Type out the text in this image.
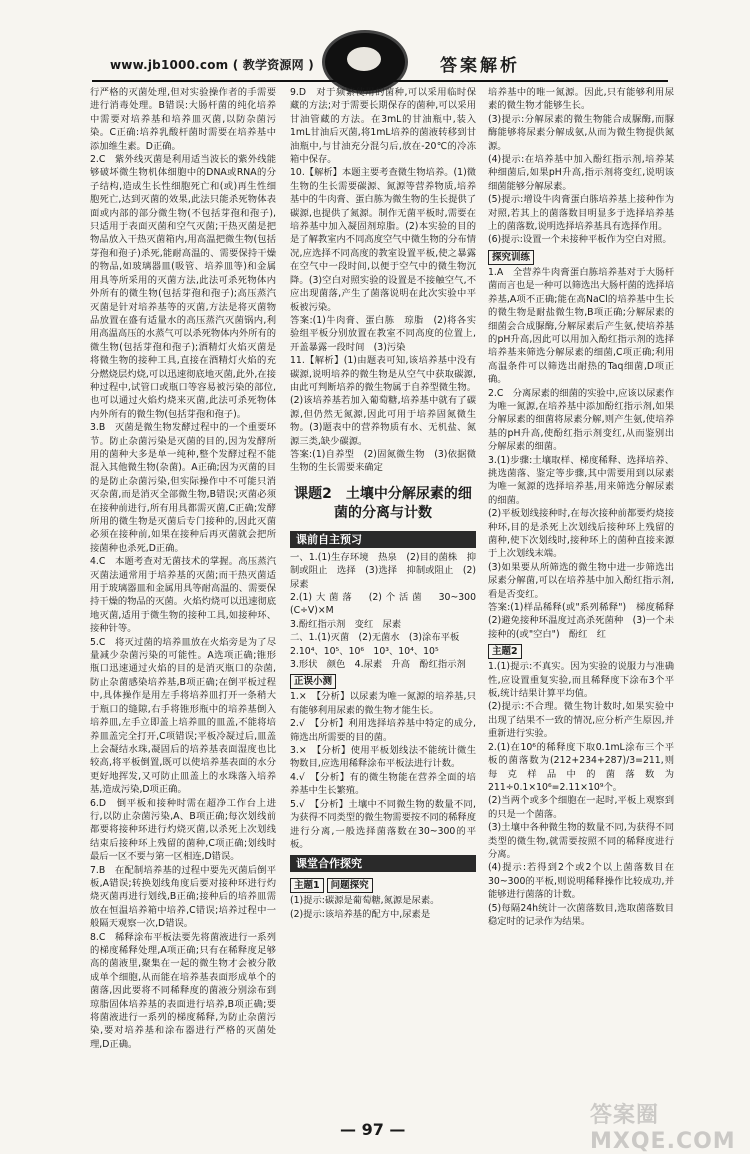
www.jb1000.com ( 教学资源网 )	答案解析

行严格的灭菌处理,但对实验操作者的手需要进行消毒处理。B错误:大肠杆菌的纯化培养中需要对培养基和培养皿灭菌,以防杂菌污染。C正确:培养乳酸杆菌时需要在培养基中添加维生素。D正确。

2.C　紫外线灭菌是利用适当波长的紫外线能够破坏微生物机体细胞中的DNA或RNA的分子结构,造成生长性细胞死亡和(或)再生性细胞死亡,达到灭菌的效果,此法只能杀死物体表面或内部的部分微生物(不包括芽孢和孢子),只适用于表面灭菌和空气灭菌;干热灭菌是把物品放入干热灭菌箱内,用高温把微生物(包括芽孢和孢子)杀死,能耐高温的、需要保持干燥的物品,如玻璃器皿(吸管、培养皿等)和金属用具等所采用的灭菌方法,此法可杀死物体内外所有的微生物(包括芽孢和孢子);高压蒸汽灭菌是针对培养基等的灭菌,方法是将灭菌物品放置在盛有适量水的高压蒸汽灭菌锅内,利用高温高压的水蒸气可以杀死物体内外所有的微生物(包括芽孢和孢子);酒精灯火焰灭菌是将微生物的接种工具,直接在酒精灯火焰的充分燃烧层灼烧,可以迅速彻底地灭菌,此外,在接种过程中,试管口或瓶口等容易被污染的部位,也可以通过火焰灼烧来灭菌,此法可杀死物体内外所有的微生物(包括芽孢和孢子)。

3.B　灭菌是微生物发酵过程中的一个重要环节。防止杂菌污染是灭菌的目的,因为发酵所用的菌种大多是单一纯种,整个发酵过程不能混入其他微生物(杂菌)。A正确;因为灭菌的目的是防止杂菌污染,但实际操作中不可能只消灭杂菌,而是消灭全部微生物,B错误;灭菌必须在接种前进行,所有用具都需灭菌,C正确;发酵所用的微生物是灭菌后专门接种的,因此灭菌必须在接种前,如果在接种后再灭菌就会把所接菌种也杀死,D正确。

4.C　本题考查对无菌技术的掌握。高压蒸汽灭菌法通常用于培养基的灭菌;而干热灭菌适用于玻璃器皿和金属用具等耐高温的、需要保持干燥的物品的灭菌。火焰灼烧可以迅速彻底地灭菌,适用于微生物的接种工具,如接种环、接种针等。

5.C　将灭过菌的培养皿放在火焰旁是为了尽量减少杂菌污染的可能性。A选项正确;锥形瓶口迅速通过火焰的目的是消灭瓶口的杂菌,防止杂菌感染培养基,B项正确;在倒平板过程中,具体操作是用左手将培养皿打开一条稍大于瓶口的缝隙,右手将锥形瓶中的培养基倒入培养皿,左手立即盖上培养皿的皿盖,不能将培养皿盖完全打开,C项错误;平板冷凝过后,皿盖上会凝结水珠,凝固后的培养基表面湿度也比较高,将平板倒置,既可以使培养基表面的水分更好地挥发,又可防止皿盖上的水珠落入培养基,造成污染,D项正确。

6.D　倒平板和接种时需在超净工作台上进行,以防止杂菌污染,A、B项正确;每次划线前都要将接种环进行灼烧灭菌,以杀死上次划线结束后接种环上残留的菌种,C项正确;划线时最后一区不要与第一区相连,D错误。

7.B　在配制培养基的过程中要先灭菌后倒平板,A错误;转换划线角度后要对接种环进行灼烧灭菌再进行划线,B正确;接种后的培养皿需放在恒温培养箱中培养,C错误;培养过程中一般隔天观察一次,D错误。

8.C　稀释涂布平板法要先将菌液进行一系列的梯度稀释处理,A项正确;只有在稀释度足够高的菌液里,聚集在一起的微生物才会被分散成单个细胞,从而能在培养基表面形成单个的菌落,因此要将不同稀释度的菌液分别涂布到琼脂固体培养基的表面进行培养,B项正确;要将菌液进行一系列的梯度稀释,为防止杂菌污染,要对培养基和涂布器进行严格的灭菌处理,D正确。

9.D　对于频繁使用的菌种,可以采用临时保藏的方法;对于需要长期保存的菌种,可以采用甘油管藏的方法。在3mL的甘油瓶中,装入1mL甘油后灭菌,将1mL培养的菌液转移到甘油瓶中,与甘油充分混匀后,放在-20℃的冷冻箱中保存。

10.【解析】本题主要考查微生物培养。(1)微生物的生长需要碳源、氮源等营养物质,培养基中的牛肉膏、蛋白胨为微生物的生长提供了碳源,也提供了氮源。制作无菌平板时,需要在培养基中加入凝固剂琼脂。(2)本实验的目的是了解教室内不同高度空气中微生物的分布情况,应选择不同高度的教室设置平板,使之暴露在空气中一段时间,以便于空气中的微生物沉降。(3)空白对照实验的设置是不接触空气,不应出现菌落,产生了菌落说明在此次实验中平板被污染。

答案:(1)牛肉膏、蛋白胨　琼脂　(2)将各实验组平板分别放置在教室不同高度的位置上,开盖暴露一段时间　(3)污染

11.【解析】(1)由题表可知,该培养基中没有碳源,说明培养的微生物是从空气中获取碳源,由此可判断培养的微生物属于自养型微生物。(2)该培养基若加入葡萄糖,培养基中就有了碳源,但仍然无氮源,因此可用于培养固氮微生物。(3)题表中的营养物质有水、无机盐、氮源三类,缺少碳源。

答案:(1)自养型　(2)固氮微生物　(3)依据微生物的生长需要来确定

课题2　土壤中分解尿素的细菌的分离与计数
课前自主预习

一、1.(1)生存环境　热泉　(2)目的菌株　抑制或阻止　选择　(3)选择　抑制或阻止　(2)尿素

2.(1)大菌落　(2)个活菌　30~300　(C÷V)×M

3.酚红指示剂　变红　尿素

二、1.(1)灭菌　(2)无菌水　(3)涂布平板

2.10⁴、10⁵、10⁶　10³、10⁴、10⁵

3.形状　颜色　4.尿素　升高　酚红指示剂

正误小测

1.×　【分析】以尿素为唯一氮源的培养基,只有能够利用尿素的微生物才能生长。

2.√　【分析】利用选择培养基中特定的成分,筛选出所需要的目的菌。

3.×　【分析】使用平板划线法不能统计微生物数目,应选用稀释涂布平板法进行计数。

4.√　【分析】有的微生物能在营养全面的培养基中生长繁殖。

5.√　【分析】土壤中不同微生物的数量不同,为获得不同类型的微生物需要按不同的稀释度进行分离,一般选择菌落数在30~300的平板。

课堂合作探究
主题1 问题探究

(1)提示:碳源是葡萄糖,氮源是尿素。

(2)提示:该培养基的配方中,尿素是

培养基中的唯一氮源。因此,只有能够利用尿素的微生物才能够生长。

(3)提示:分解尿素的微生物能合成脲酶,而脲酶能够将尿素分解成氨,从而为微生物提供氮源。

(4)提示:在培养基中加入酚红指示剂,培养某种细菌后,如果pH升高,指示剂将变红,说明该细菌能够分解尿素。

(5)提示:增设牛肉膏蛋白胨培养基上接种作为对照,若其上的菌落数目明显多于选择培养基上的菌落数,说明选择培养基具有选择作用。

(6)提示:设置一个未接种平板作为空白对照。

探究训练

1.A　全营养牛肉膏蛋白胨培养基对于大肠杆菌而言也是一种可以筛选出大肠杆菌的选择培养基,A项不正确;能在高NaCl的培养基中生长的微生物是耐盐微生物,B项正确;分解尿素的细菌会合成脲酶,分解尿素后产生氨,使培养基的pH升高,因此可以用加入酚红指示剂的选择培养基来筛选分解尿素的细菌,C项正确;利用高温条件可以筛选出耐热的Taq细菌,D项正确。

2.C　分离尿素的细菌的实验中,应该以尿素作为唯一氮源,在培养基中添加酚红指示剂,如果分解尿素的细菌将尿素分解,则产生氨,使培养基的pH升高,使酚红指示剂变红,从而鉴别出分解尿素的细菌。

3.(1)步骤:土壤取样、梯度稀释、选择培养、挑选菌落、鉴定等步骤,其中需要用到以尿素为唯一氮源的选择培养基,用来筛选分解尿素的细菌。

(2)平板划线接种时,在每次接种前都要灼烧接种环,目的是杀死上次划线后接种环上残留的菌种,使下次划线时,接种环上的菌种直接来源于上次划线末端。

(3)如果要从所筛选的微生物中进一步筛选出尿素分解菌,可以在培养基中加入酚红指示剂,看是否变红。

答案:(1)样品稀释(或"系列稀释")　梯度稀释　(2)避免接种环温度过高杀死菌种　(3)一个未接种的(或"空白")　酚红　红

主题2

1.(1)提示:不真实。因为实验的说服力与准确性,应设置重复实验,而且稀释度下涂布3个平板,统计结果计算平均值。

(2)提示:不合理。微生物计数时,如果实验中出现了结果不一致的情况,应分析产生原因,并重新进行实验。

2.(1)在10⁶的稀释度下取0.1mL涂布三个平板的菌落数为(212+234+287)/3=211,则每克样品中的菌落数为211÷0.1×10⁶=2.11×10⁹个。

(2)当两个或多个细胞在一起时,平板上观察到的只是一个菌落。

(3)土壤中各种微生物的数量不同,为获得不同类型的微生物,就需要按照不同的稀释度进行分离。

(4)提示:若得到2个或2个以上菌落数目在30~300的平板,则说明稀释操作比较成功,并能够进行菌落的计数。

(5)每隔24h统计一次菌落数目,选取菌落数目稳定时的记录作为结果。

— 97 —
答案圈 MXQE.COM
